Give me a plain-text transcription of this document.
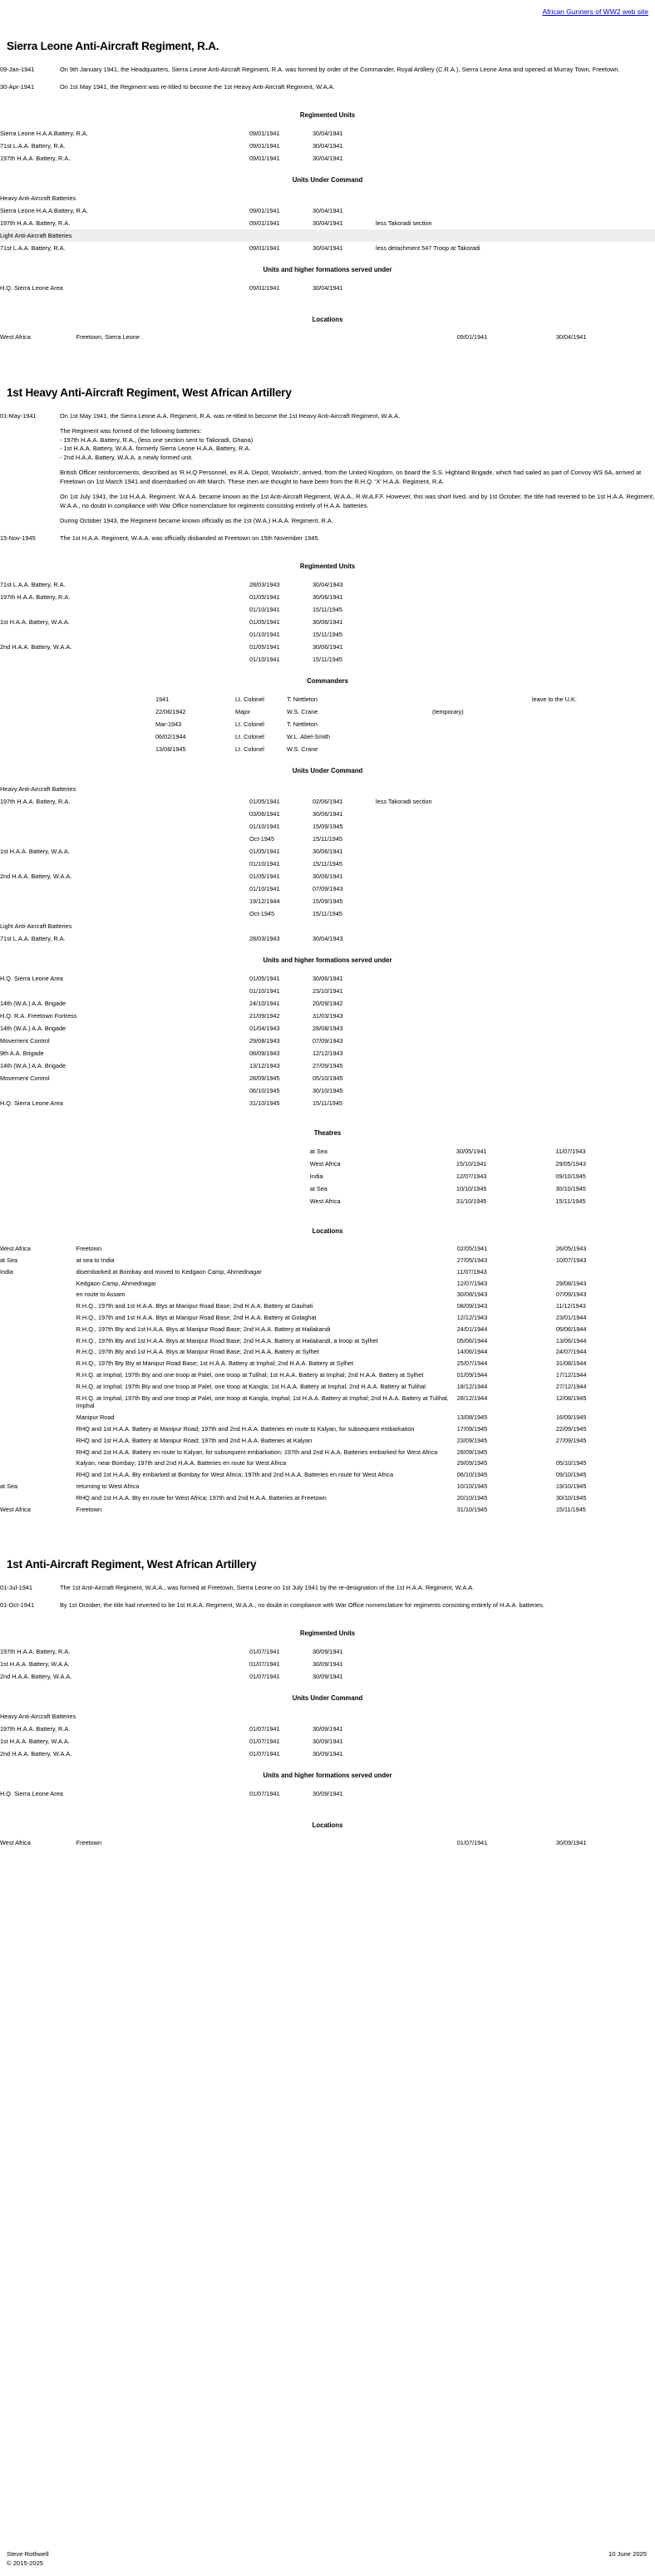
African Gunners of WW2 web site
Sierra Leone Anti-Aircraft Regiment, R.A.
09-Jan-1941	On 9th January 1941, the Headquarters, Sierra Leone Anti-Aircraft Regiment, R.A. was formed by order of the Commander, Royal Artillery (C.R.A.), Sierra Leone Area and opened at Murray Town, Freetown.
30-Apr-1941	On 1st May 1941, the Regiment was re-titled to become the 1st Heavy Anti-Aircraft Regiment, W.A.A.
Regimented Units
Sierra Leone H.A.A.Battery, R.A.	09/01/1941	30/04/1941	
71st L.A.A. Battery, R.A.	09/01/1941	30/04/1941	
197th H.A.A. Battery, R.A.	09/01/1941	30/04/1941	
Units Under Command
Heavy Anti-Aircraft Batteries			
Sierra Leone H.A.A.Battery, R.A.	09/01/1941	30/04/1941	
197th H.A.A. Battery, R.A.	09/01/1941	30/04/1941	less Takoradi section
Light Anti-Aircraft Batteries			
71st L.A.A. Battery, R.A.	09/01/1941	30/04/1941	less detachment 547 Troop at Takoradi
Units and higher formations served under
H.Q. Sierra Leone Area	09/01/1941	30/04/1941	
Locations
West Africa	Freetown, Sierra Leone	09/01/1941	30/04/1941
1st Heavy Anti-Aircraft Regiment, West African Artillery
01-May-1941	On 1st May 1941, the Sierra Leone A.A. Regiment, R.A. was re-titled to become the 1st Heavy Anti-Aircraft Regiment, W.A.A.
The Regiment was formed of the following batteries:
- 197th H.A.A. Battery, R.A., (less one section sent to Takoradi, Ghana)
- 1st H.A.A. Battery, W.A.A. formerly Sierra Leone H.A.A. Battery, R.A.
- 2nd H.A.A. Battery, W.A.A. a newly formed unit.
British Officer reinforcements, described as 'R.H.Q Personnel, ex R.A. Depot, Woolwich', arrived, from the United Kingdom, on board the S.S. Highland Brigade, which had sailed as part of Convoy WS 6A, arrived at Freetown on 1st March 1941 and disembarked on 4th March. These men are thought to have been from the R.H.Q. 'X' H.A.A. Regiment, R.A.
On 1st July 1941, the 1st H.A.A. Regiment, W.A.A. became known as the 1st Anti-Aircraft Regiment, W.A.A., R.W.A.F.F. However, this was short lived, and by 1st October, the title had reverted to be 1st H.A.A. Regiment, W.A.A., no doubt in compliance with War Office nomenclature for regiments consisting entirely of H.A.A. batteries.
During October 1943, the Regiment became known officially as the 1st (W.A.) H.A.A. Regiment, R.A.

15-Nov-1945	The 1st H.A.A. Regiment, W.A.A. was officially disbanded at Freetown on 15th November 1945.
Regimented Units
71st L.A.A. Battery, R.A.	28/03/1943	30/04/1943	
197th H.A.A. Battery, R.A.	01/05/1941	30/06/1941	
	01/10/1941	15/11/1945	
1st H.A.A. Battery, W.A.A.	01/05/1941	30/06/1941	
	01/10/1941	15/11/1945	
2nd H.A.A. Battery, W.A.A.	01/05/1941	30/06/1941	
	01/10/1941	15/11/1945	
Commanders
	1941	Lt. Colonel	T. Nettleton		leave to the U.K.
	22/06/1942	Major	W.S. Crane	(temporary)	
	Mar-1943	Lt. Colonel	T. Nettleton		
	06/02/1944	Lt. Colonel	W.L. Abel-Smith		
	13/08/1945	Lt. Colonel	W.S. Crane		
Units Under Command
Heavy Anti-Aircraft Batteries			
197th H.A.A. Battery, R.A.	01/05/1941	02/06/1941	less Takoradi section
	03/06/1941	30/06/1941	
	01/10/1941	15/09/1945	
	Oct-1945	15/11/1945	
1st H.A.A. Battery, W.A.A.	01/05/1941	30/06/1941	
	01/10/1941	15/11/1945	
2nd H.A.A. Battery, W.A.A.	01/05/1941	30/06/1941	
	01/10/1941	07/09/1943	
	19/12/1944	15/09/1945	
	Oct-1945	15/11/1945	
Light Anti-Aircraft Batteries			
71st L.A.A. Battery, R.A.	28/03/1943	30/04/1943	
Units and higher formations served under
H.Q. Sierra Leone Area	01/05/1941	30/06/1941	
	01/10/1941	23/10/1941	
14th (W.A.) A.A. Brigade	24/10/1941	20/09/1942	
H.Q. R.A. Freetown Fortress	21/09/1942	31/03/1943	
14th (W.A.) A.A. Brigade	01/04/1943	28/08/1943	
Movement Control	29/08/1943	07/09/1943	
9th A.A. Brigade	08/09/1943	12/12/1943	
14th (W.A.) A.A. Brigade	13/12/1943	27/09/1945	
Movement Control	28/09/1945	05/10/1945	
	06/10/1945	30/10/1945	
H.Q. Sierra Leone Area	31/10/1945	15/11/1945	
Theatres
	at Sea	30/05/1941	11/07/1943
	West Africa	15/10/1941	29/05/1943
	India	12/07/1943	09/10/1945
	at Sea	10/10/1945	30/10/1945
	West Africa	31/10/1945	15/11/1945
Locations
West Africa	Freetown	02/05/1941	26/05/1943
at Sea	at sea to India	27/05/1943	10/07/1943
India	disembarked at Bombay and moved to Kedgaon Camp, Ahmednagar	11/07/1943	
	Kedgaon Camp, Ahmednagar	12/07/1943	29/08/1943
	en route to Assam	30/08/1943	07/09/1943
	R.H.Q., 197th and 1st H.A.A. Btys at Manipur Road Base; 2nd H.A.A. Battery at Gauhati	08/09/1943	11/12/1943
	R.H.Q., 197th and 1st H.A.A. Btys at Manipur Road Base; 2nd H.A.A. Battery at Golaghat	12/12/1943	23/01/1944
	R.H.Q., 197th Bty and 1st H.A.A. Btys at Manipur Road Base; 2nd H.A.A. Battery at Hailakandi	24/01/1944	05/06/1944
	R.H.Q., 197th Bty and 1st H.A.A. Btys at Manipur Road Base; 2nd H.A.A. Battery at Hailakandi, a troop at Sylhet	05/06/1944	13/06/1944
	R.H.Q., 197th Bty and 1st H.A.A. Btys at Manipur Road Base; 2nd H.A.A. Battery at Sylhet	14/06/1944	24/07/1944
	R.H.Q., 197th Bty Bty at Manipur Road Base; 1st H.A.A. Battery at Imphal; 2nd H.A.A. Battery at Sylhet	25/07/1944	31/08/1944
	R.H.Q. at Imphal; 197th Bty and one troop at Palel, one troop at Tulihal; 1st H.A.A. Battery at Imphal; 2nd H.A.A. Battery at Sylhet	01/09/1944	17/12/1944
	R.H.Q. at Imphal; 197th Bty and one troop at Palel, one troop at Kangla; 1st H.A.A. Battery at Imphal; 2nd H.A.A. Battery at Tulihal	18/12/1944	27/12/1944
	R.H.Q. at Imphal; 197th Bty and one troop at Palel, one troop at Kangla, Imphal; 1st H.A.A. Battery at Imphal; 2nd H.A.A. Battery at Tulihal, Imphal	28/12/1944	12/08/1945
	Manipur Road	13/08/1945	16/09/1945
	RHQ and 1st H.A.A. Battery at Manipur Road; 197th and 2nd H.A.A. Batteries en route to Kalyan, for subsequent embarkation	17/09/1945	22/09/1945
	RHQ and 1st H.A.A. Battery at Manipur Road; 197th and 2nd H.A.A. Batteries at Kalyan	23/09/1945	27/09/1945
	RHQ and 1st H.A.A. Battery en route to Kalyan, for subsequent embarkation; 197th and 2nd H.A.A. Batteries embarked for West Africa	28/09/1945	
	Kalyan, near Bombay; 197th and 2nd H.A.A. Batteries en route for West Africa	29/09/1945	05/10/1945
	RHQ and 1st H.A.A. Bty embarked at Bombay for West Africa; 197th and 2nd H.A.A. Batteries en route for West Africa	06/10/1945	09/10/1945
at Sea	returning to West Africa	10/10/1945	19/10/1945
	RHQ and 1st H.A.A. Bty en route for West Africa; 197th and 2nd H.A.A. Batteries at Freetown	20/10/1945	30/10/1945
West Africa	Freetown	31/10/1945	15/11/1945
1st Anti-Aircraft Regiment, West African Artillery
01-Jul-1941	The 1st Anti-Aircraft Regiment, W.A.A., was formed at Freetown, Sierra Leone on 1st July 1941 by the re-designation of the 1st H.A.A. Regiment, W.A.A.
01-Oct-1941	By 1st October, the title had reverted to be 1st H.A.A. Regiment, W.A.A., no doubt in compliance with War Office nomenclature for regiments consisting entirely of H.A.A. batteries.
Regimented Units
197th H.A.A. Battery, R.A.	01/07/1941	30/09/1941	
1st H.A.A. Battery, W.A.A.	01/07/1941	30/09/1941	
2nd H.A.A. Battery, W.A.A.	01/07/1941	30/09/1941	
Units Under Command
Heavy Anti-Aircraft Batteries			
197th H.A.A. Battery, R.A.	01/07/1941	30/09/1941	
1st H.A.A. Battery, W.A.A.	01/07/1941	30/09/1941	
2nd H.A.A. Battery, W.A.A.	01/07/1941	30/09/1941	
Units and higher formations served under
H.Q. Sierra Leone Area	01/07/1941	30/09/1941	
Locations
West Africa	Freetown	01/07/1941	30/09/1941
Steve Rothwell
© 2015-2025
10 June 2025
